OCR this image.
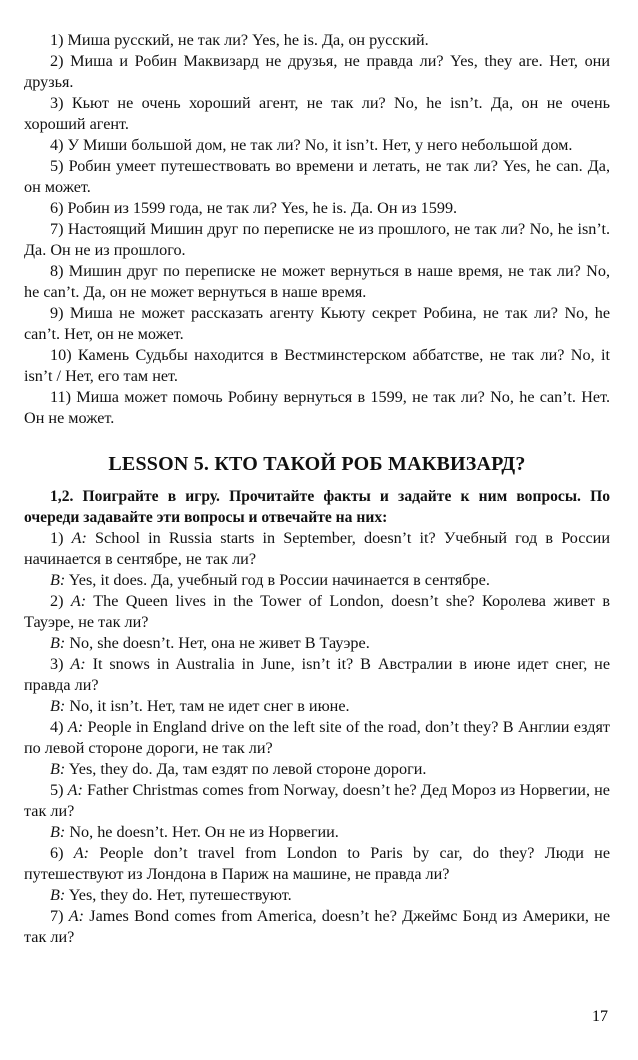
1) Миша русский, не так ли? Yes, he is. Да, он русский.

2) Миша и Робин Маквизард не друзья, не правда ли? Yes, they are. Нет, они друзья.

3) Кьют не очень хороший агент, не так ли? No, he isn’t. Да, он не очень хороший агент.

4) У Миши большой дом, не так ли? No, it isn’t. Нет, у него небольшой дом.

5) Робин умеет путешествовать во времени и летать, не так ли? Yes, he can. Да, он может.

6) Робин из 1599 года, не так ли? Yes, he is. Да. Он из 1599.

7) Настоящий Мишин друг по переписке не из прошлого, не так ли? No, he isn’t. Да. Он не из прошлого.

8) Мишин друг по переписке не может вернуться в наше время, не так ли? No, he can’t. Да, он не может вернуться в наше время.

9) Миша не может рассказать агенту Кьюту секрет Робина, не так ли? No, he can’t. Нет, он не может.

10) Камень Судьбы находится в Вестминстерском аббатстве, не так ли? No, it isn’t / Нет, его там нет.

11) Миша может помочь Робину вернуться в 1599, не так ли? No, he can’t. Нет. Он не может.

LESSON 5. КТО ТАКОЙ РОБ МАКВИЗАРД?

1,2. Поиграйте в игру. Прочитайте факты и задайте к ним вопросы. По очереди задавайте эти вопросы и отвечайте на них:

1) A: School in Russia starts in September, doesn’t it? Учебный год в России начинается в сентябре, не так ли?

B: Yes, it does. Да, учебный год в России начинается в сентябре.

2) A: The Queen lives in the Tower of London, doesn’t she? Королева живет в Тауэре, не так ли?

B: No, she doesn’t. Нет, она не живет В Тауэре.

3) A: It snows in Australia in June, isn’t it? В Австралии в июне идет снег, не правда ли?

B: No, it isn’t. Нет, там не идет снег в июне.

4) A: People in England drive on the left site of the road, don’t they? В Англии ездят по левой стороне дороги, не так ли?

B: Yes, they do. Да, там ездят по левой стороне дороги.

5) A: Father Christmas comes from Norway, doesn’t he? Дед Мороз из Норвегии, не так ли?

B: No, he doesn’t. Нет. Он не из Норвегии.

6) A: People don’t travel from London to Paris by car, do they? Люди не путешествуют из Лондона в Париж на машине, не правда ли?

B: Yes, they do. Нет, путешествуют.

7) A: James Bond comes from America, doesn’t he? Джеймс Бонд из Америки, не так ли?

17
